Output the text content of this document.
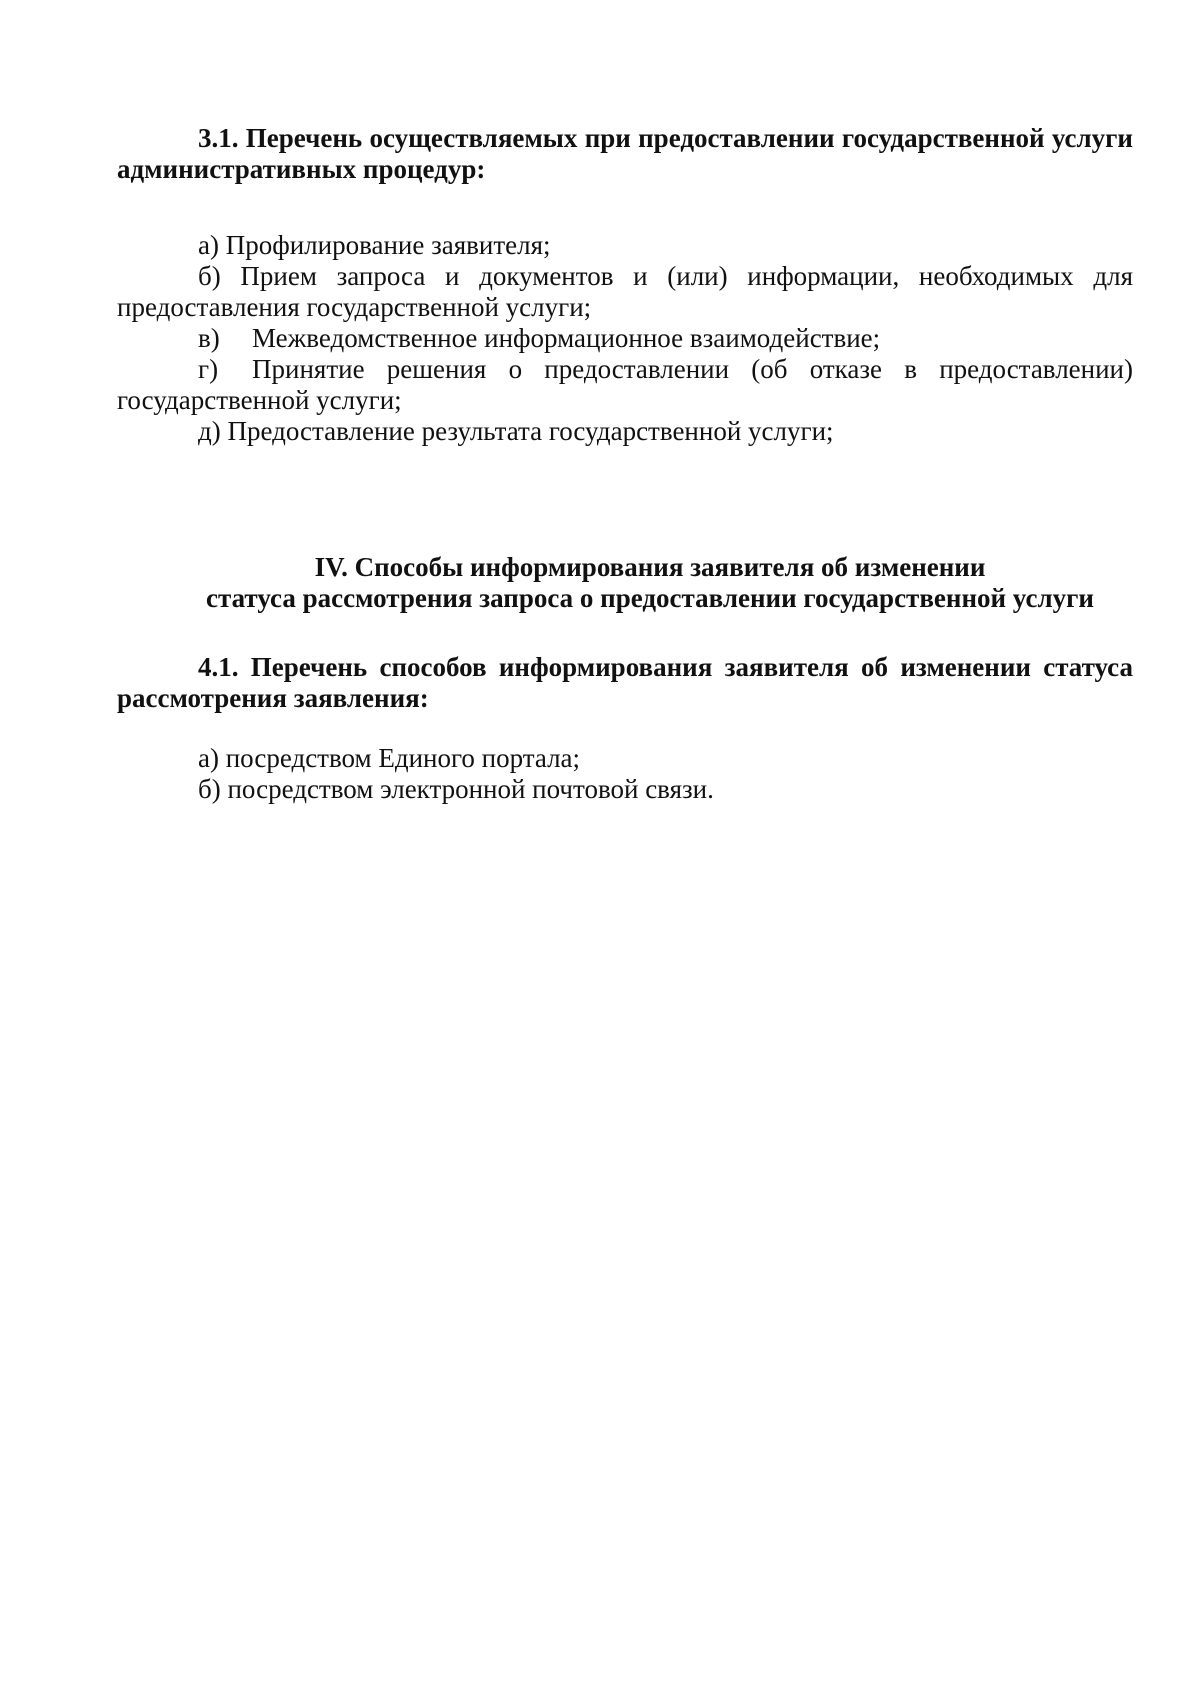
3.1. Перечень осуществляемых при предоставлении государственной услуги административных процедур:

а) Профилирование заявителя;

б) Прием запроса и документов и (или) информации, необходимых для предоставления государственной услуги;

в) Межведомственное информационное взаимодействие;

г) Принятие решения о предоставлении (об отказе в предоставлении) государственной услуги;

д) Предоставление результата государственной услуги;

IV. Способы информирования заявителя об изменении
статуса рассмотрения запроса о предоставлении государственной услуги

4.1. Перечень способов информирования заявителя об изменении статуса рассмотрения заявления:

а) посредством Единого портала;

б) посредством электронной почтовой связи.
